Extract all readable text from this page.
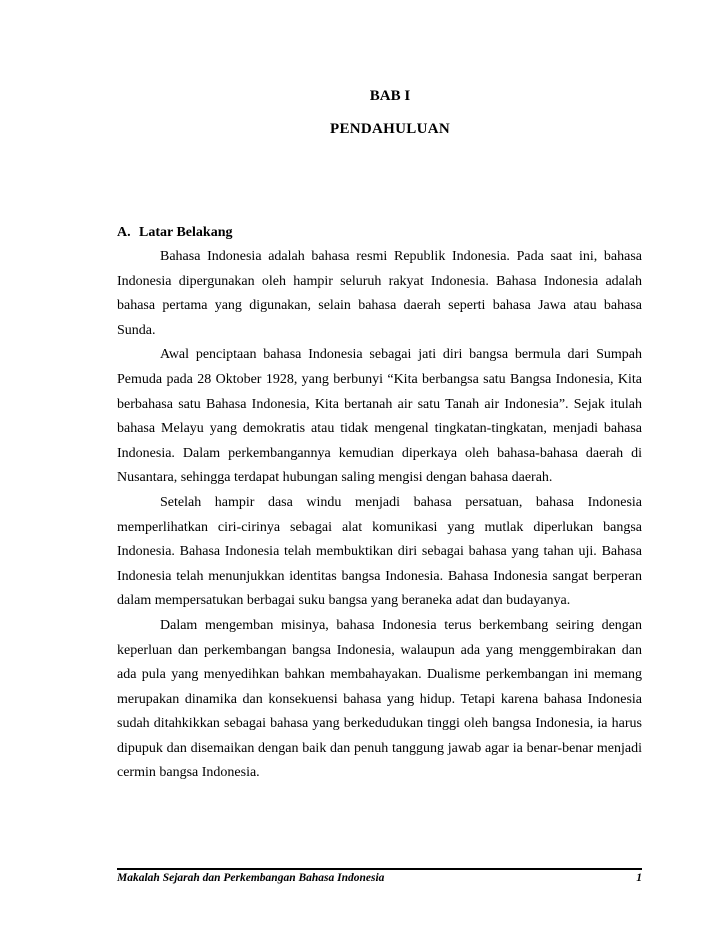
BAB I
PENDAHULUAN
A. Latar Belakang

Bahasa Indonesia adalah bahasa resmi Republik Indonesia. Pada saat ini, bahasa Indonesia dipergunakan oleh hampir seluruh rakyat Indonesia. Bahasa Indonesia adalah bahasa pertama yang digunakan, selain bahasa daerah seperti bahasa Jawa atau bahasa Sunda.

Awal penciptaan bahasa Indonesia sebagai jati diri bangsa bermula dari Sumpah Pemuda pada 28 Oktober 1928, yang berbunyi “Kita berbangsa satu Bangsa Indonesia, Kita berbahasa satu Bahasa Indonesia, Kita bertanah air satu Tanah air Indonesia”. Sejak itulah bahasa Melayu yang demokratis atau tidak mengenal tingkatan-tingkatan, menjadi bahasa Indonesia. Dalam perkembangannya kemudian diperkaya oleh bahasa-bahasa daerah di Nusantara, sehingga terdapat hubungan saling mengisi dengan bahasa daerah.

Setelah hampir dasa windu menjadi bahasa persatuan, bahasa Indonesia memperlihatkan ciri-cirinya sebagai alat komunikasi yang mutlak diperlukan bangsa Indonesia. Bahasa Indonesia telah membuktikan diri sebagai bahasa yang tahan uji. Bahasa Indonesia telah menunjukkan identitas bangsa Indonesia. Bahasa Indonesia sangat berperan dalam mempersatukan berbagai suku bangsa yang beraneka adat dan budayanya.

Dalam mengemban misinya, bahasa Indonesia terus berkembang seiring dengan keperluan dan perkembangan bangsa Indonesia, walaupun ada yang menggembirakan dan ada pula yang menyedihkan bahkan membahayakan. Dualisme perkembangan ini memang merupakan dinamika dan konsekuensi bahasa yang hidup. Tetapi karena bahasa Indonesia sudah ditahkikkan sebagai bahasa yang berkedudukan tinggi oleh bangsa Indonesia, ia harus dipupuk dan disemaikan dengan baik dan penuh tanggung jawab agar ia benar-benar menjadi cermin bangsa Indonesia.

Makalah Sejarah dan Perkembangan Bahasa Indonesia	1
